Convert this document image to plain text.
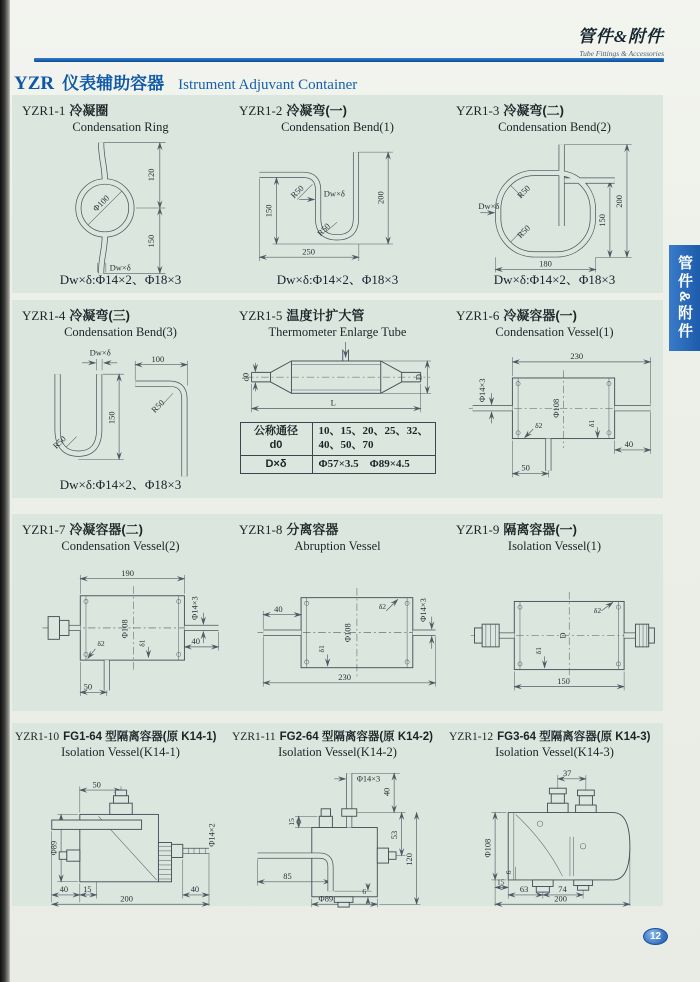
管件&附件
Tube Fittings & Accessories
YZR 仪表辅助容器 Istrument Adjuvant Container
YZR1-1 冷凝圈
Condensation Ring
120
150
Φ100
Dw×δ
Dw×δ:Φ14×2、Φ18×3
YZR1-2 冷凝弯(一)
Condensation Bend(1)
150
200
250
R50
R50
Dw×δ
Dw×δ:Φ14×2、Φ18×3
YZR1-3 冷凝弯(二)
Condensation Bend(2)
Dw×δ
R50
R50
150
200
180
Dw×δ:Φ14×2、Φ18×3
YZR1-4 冷凝弯(三)
Condensation Bend(3)
Dw×δ
150
R50
100
R50
Dw×δ:Φ14×2、Φ18×3
YZR1-5 温度计扩大管
Thermometer Enlarge Tube
d0	D
L
公称通径
d0	10、15、20、25、32、
40、50、70
D×δ	Φ57×3.5　Φ89×4.5
YZR1-6 冷凝容器(一)
Condensation Vessel(1)
230
Φ14×3
Φ108
δ2	δ1
40
50
YZR1-7 冷凝容器(二)
Condensation Vessel(2)
190
Φ108
δ2	δ1
Φ14×3
40
50
YZR1-8 分离容器
Abruption Vessel
40	δ2	Φ14×3
Φ108
δ1
230
YZR1-9 隔离容器(一)
Isolation Vessel(1)
δ2
D
δ1
150
YZR1-10 FG1-64 型隔离容器(原 K14-1)
Isolation Vessel(K14-1)
50
Φ89
Φ14×2
40 15	40
200
YZR1-11 FG2-64 型隔离容器(原 K14-2)
Isolation Vessel(K14-2)
Φ14×3
40
15
53
120
85
6
Φ89
YZR1-12 FG3-64 型隔离容器(原 K14-3)
Isolation Vessel(K14-3)
37
Φ108
6
15
63	74
200
管件&附件
12
